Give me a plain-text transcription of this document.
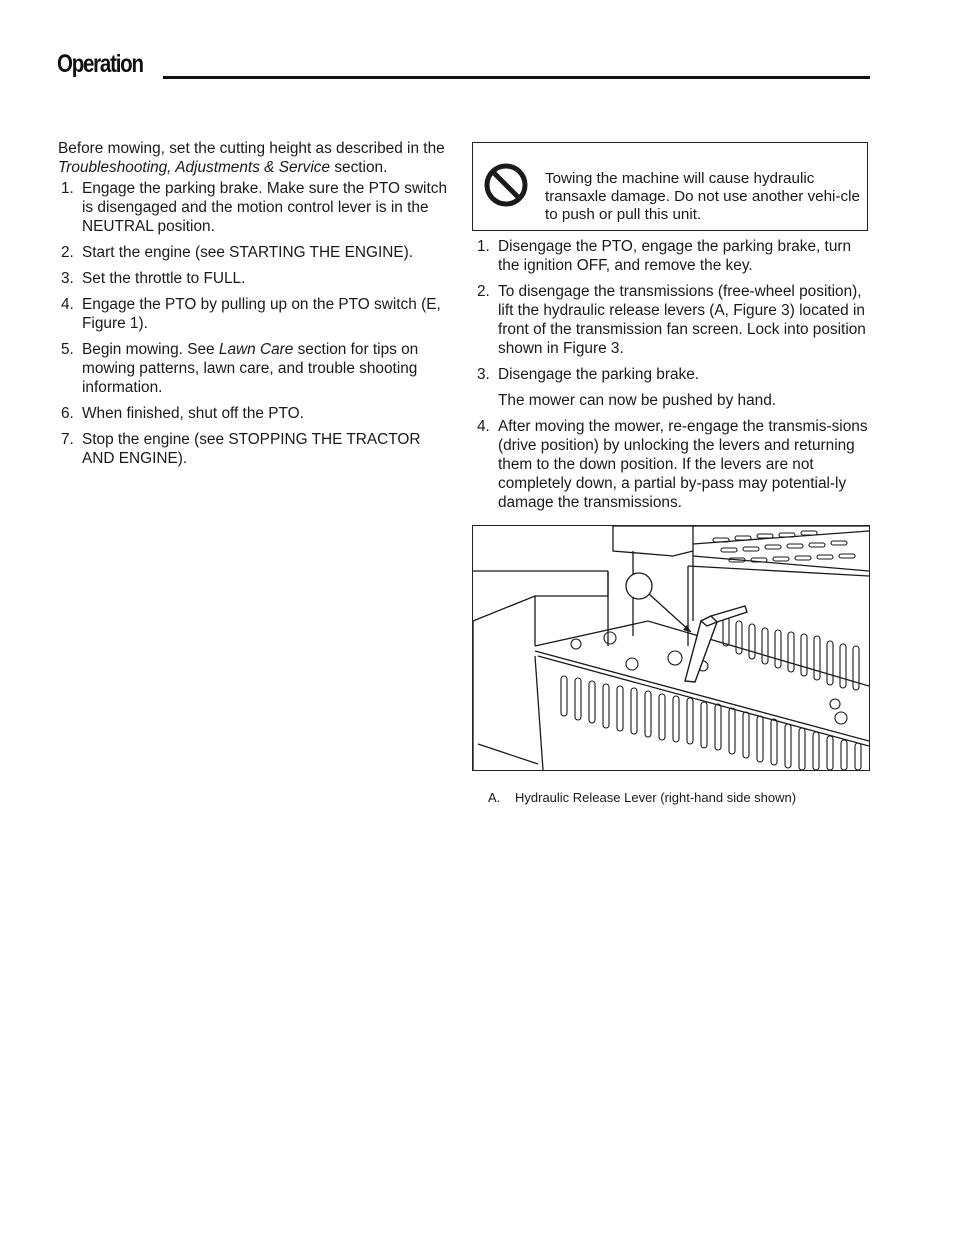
Operation

Before mowing, set the cutting height as described in the Troubleshooting, Adjustments & Service section.

1. Engage the parking brake. Make sure the PTO switch is disengaged and the motion control lever is in the NEUTRAL position.
2. Start the engine (see STARTING THE ENGINE).
3. Set the throttle to FULL.
4. Engage the PTO by pulling up on the PTO switch (E, Figure 1).
5. Begin mowing. See Lawn Care section for tips on mowing patterns, lawn care, and trouble shooting information.
6. When finished, shut off the PTO.
7. Stop the engine (see STOPPING THE TRACTOR AND ENGINE).
Towing the machine will cause hydraulic transaxle damage. Do not use another vehi-cle to push or pull this unit.
1. Disengage the PTO, engage the parking brake, turn the ignition OFF, and remove the key.
2. To disengage the transmissions (free-wheel position), lift the hydraulic release levers (A, Figure 3) located in front of the transmission fan screen. Lock into position shown in Figure 3.
3. Disengage the parking brake.

The mower can now be pushed by hand.

4. After moving the mower, re-engage the transmis-sions (drive position) by unlocking the levers and returning them to the down position. If the levers are not completely down, a partial by-pass may potential-ly damage the transmissions.
A. Hydraulic Release Lever (right-hand side shown)
